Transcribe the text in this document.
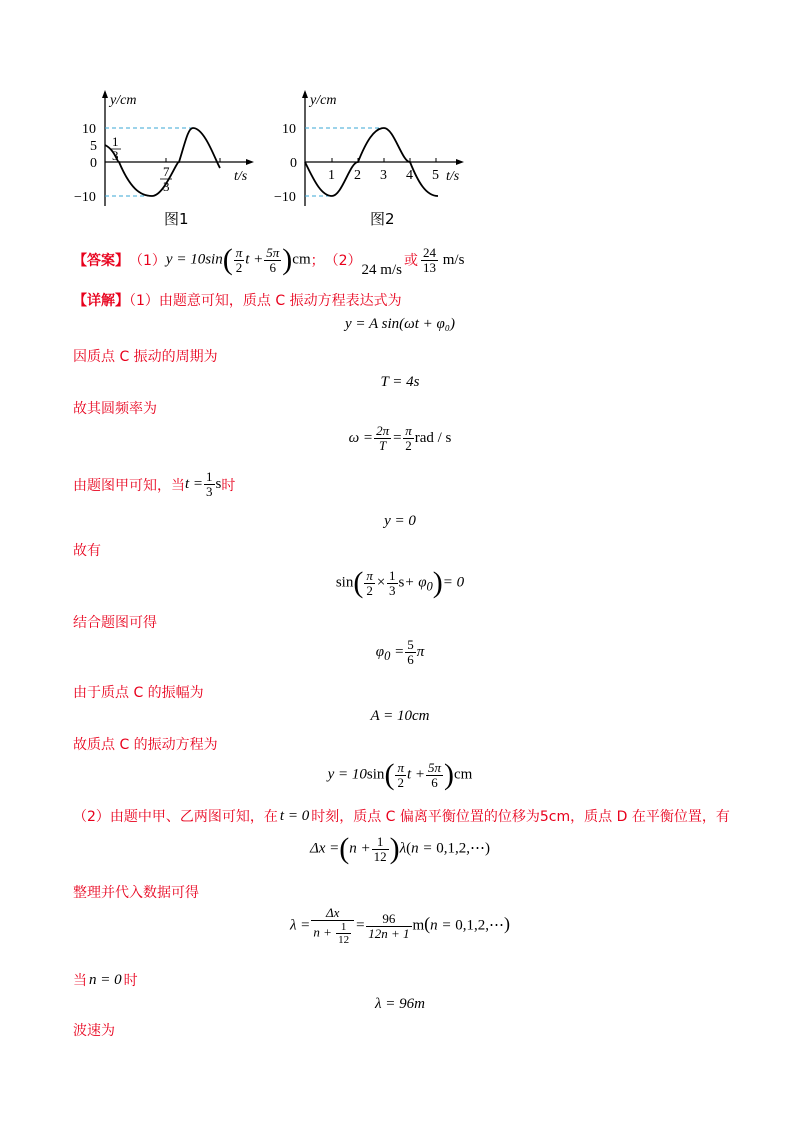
y/cm
t/s
10
5
0
−10
1
3
7
3
图1
y/cm
t/s
10
0
−10
1 2 3 4 5
图2
【答案】 （1） $y = 10\sin( \frac{\pi}{2}$ $t + \frac{5\pi}{6} )cm$ ； （2）
24 m/s
或 $\frac{24}{13} m/s$
【详解】（1）由题意可知，质点 C 振动方程表达式为
y = A sin(ωt + φ₀)
因质点 C 振动的周期为
T = 4s
故其圆频率为
$\omega = \frac{2\pi}{T} = \frac{\pi}{2}$ rad / s
由题图甲可知，当 $t = \frac{1}{3}$ s 时
y = 0
故有
$\sin( \frac{\pi}{2} \times \frac{1}{3} s+ \varphi_0)= 0$
结合题图可得
$\varphi_0 = \frac{5}{6}$ π
由于质点 C 的振幅为
A = 10cm
故质点 C 的振动方程为
$y = 10\sin( \frac{\pi}{2}$ $t + \frac{5\pi}{6} )cm$
（2）由题中甲、乙两图可知，在 t = 0 时刻，质点 C 偏离平衡位置的位移为5cm，质点 D 在平衡位置，有
$\Delta x =(n + \frac{1}{12} )\lambda(n$ = 0,1,2,⋯)
整理并代入数据可得
$\lambda = \frac{\Delta x}{n + \frac{1}{12}} = \frac{96}{12n + 1} m(n$ = 0,1,2,⋯)
当 n = 0 时
λ = 96m
波速为
